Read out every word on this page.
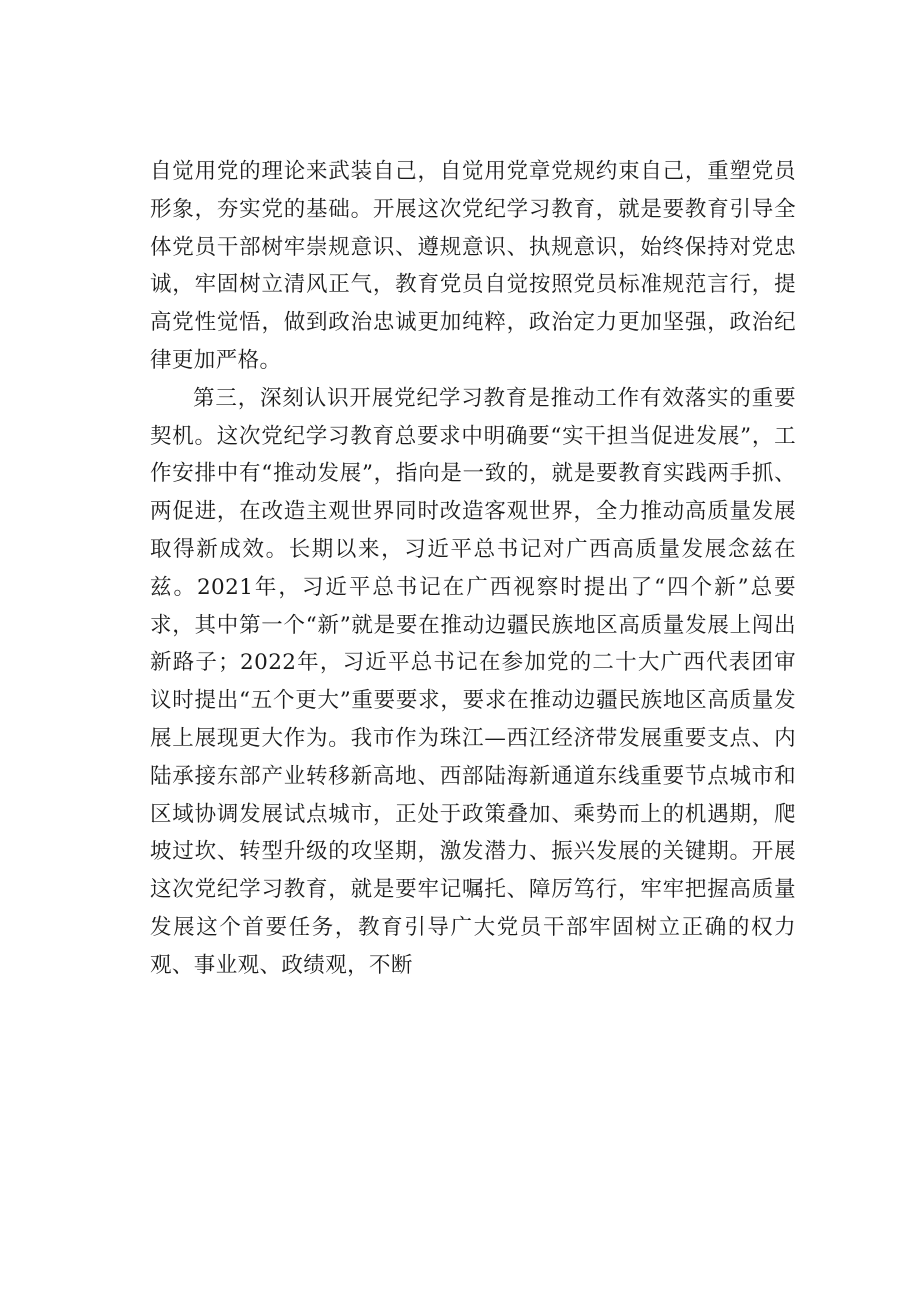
自觉用党的理论来武装自己，自觉用党章党规约束自己，重塑党员形象，夯实党的基础。开展这次党纪学习教育，就是要教育引导全体党员干部树牢崇规意识、遵规意识、执规意识，始终保持对党忠诚，牢固树立清风正气，教育党员自觉按照党员标准规范言行，提高党性觉悟，做到政治忠诚更加纯粹，政治定力更加坚强，政治纪律更加严格。

第三，深刻认识开展党纪学习教育是推动工作有效落实的重要契机。这次党纪学习教育总要求中明确要“实干担当促进发展”，工作安排中有“推动发展”，指向是一致的，就是要教育实践两手抓、两促进，在改造主观世界同时改造客观世界，全力推动高质量发展取得新成效。长期以来，习近平总书记对广西高质量发展念兹在兹。2021年，习近平总书记在广西视察时提出了“四个新”总要求，其中第一个“新”就是要在推动边疆民族地区高质量发展上闯出新路子；2022年，习近平总书记在参加党的二十大广西代表团审议时提出“五个更大”重要要求，要求在推动边疆民族地区高质量发展上展现更大作为。我市作为珠江—西江经济带发展重要支点、内陆承接东部产业转移新高地、西部陆海新通道东线重要节点城市和区域协调发展试点城市，正处于政策叠加、乘势而上的机遇期，爬坡过坎、转型升级的攻坚期，激发潜力、振兴发展的关键期。开展这次党纪学习教育，就是要牢记嘱托、障厉笃行，牢牢把握高质量发展这个首要任务，教育引导广大党员干部牢固树立正确的权力观、事业观、政绩观，不断
